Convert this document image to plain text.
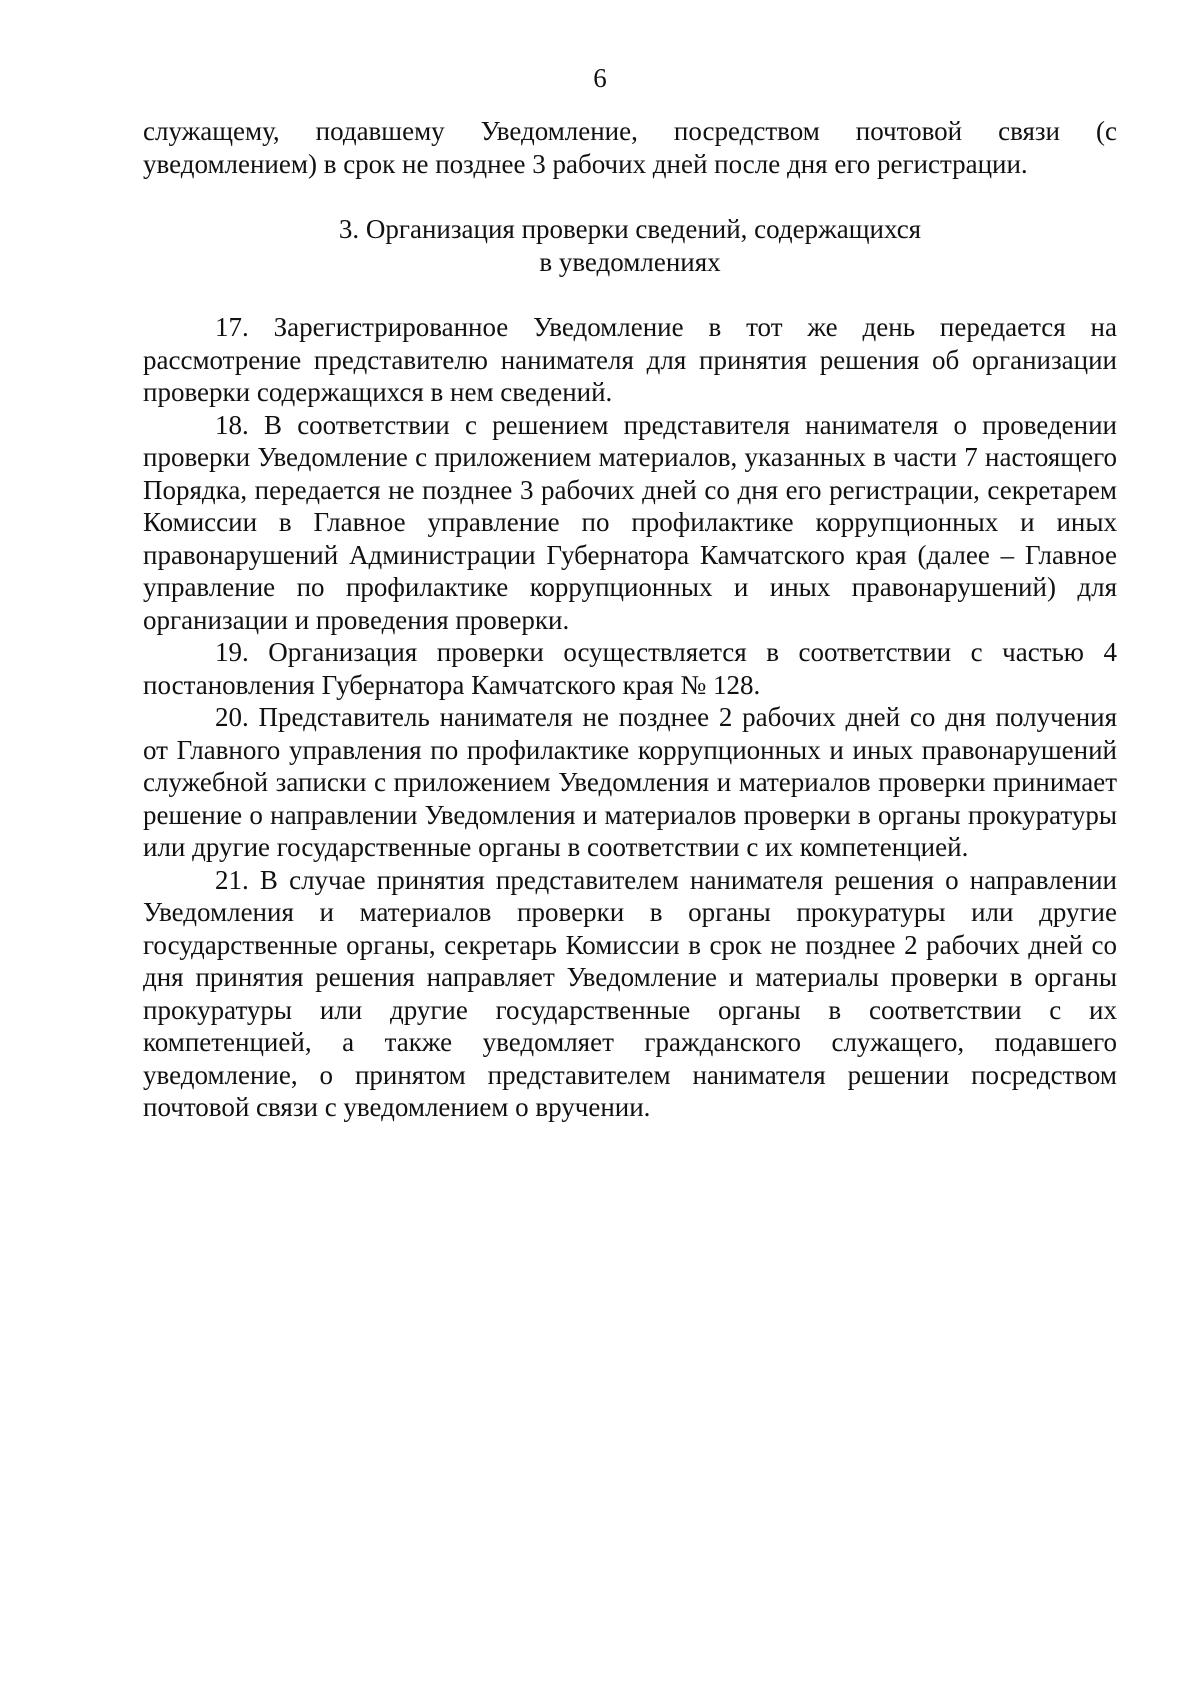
6

служащему, подавшему Уведомление, посредством почтовой связи (с уведомлением) в срок не позднее 3 рабочих дней после дня его регистрации.

3. Организация проверки сведений, содержащихся
в уведомлениях

17. Зарегистрированное Уведомление в тот же день передается на рассмотрение представителю нанимателя для принятия решения об организации проверки содержащихся в нем сведений.

18. В соответствии с решением представителя нанимателя о проведении проверки Уведомление с приложением материалов, указанных в части 7 настоящего Порядка, передается не позднее 3 рабочих дней со дня его регистрации, секретарем Комиссии в Главное управление по профилактике коррупционных и иных правонарушений Администрации Губернатора Камчатского края (далее – Главное управление по профилактике коррупционных и иных правонарушений) для организации и проведения проверки.

19. Организация проверки осуществляется в соответствии с частью 4 постановления Губернатора Камчатского края № 128.

20. Представитель нанимателя не позднее 2 рабочих дней со дня получения от Главного управления по профилактике коррупционных и иных правонарушений служебной записки с приложением Уведомления и материалов проверки принимает решение о направлении Уведомления и материалов проверки в органы прокуратуры или другие государственные органы в соответствии с их компетенцией.

21. В случае принятия представителем нанимателя решения о направлении Уведомления и материалов проверки в органы прокуратуры или другие государственные органы, секретарь Комиссии в срок не позднее 2 рабочих дней со дня принятия решения направляет Уведомление и материалы проверки в органы прокуратуры или другие государственные органы в соответствии с их компетенцией, а также уведомляет гражданского служащего, подавшего уведомление, о принятом представителем нанимателя решении посредством почтовой связи с уведомлением о вручении.
